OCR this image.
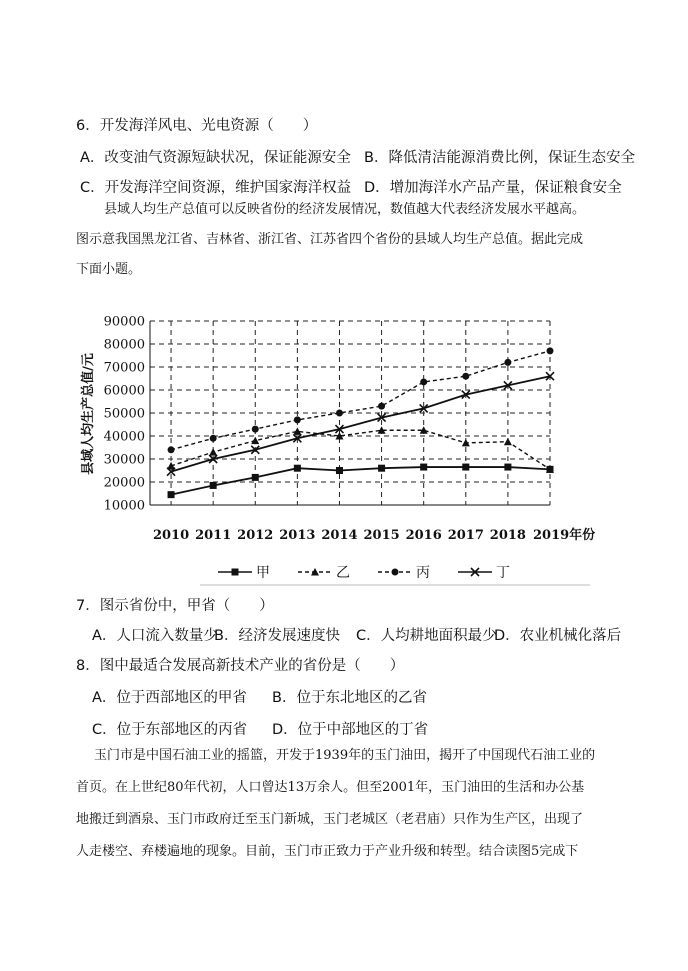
6．开发海洋风电、光电资源（　　）
A．改变油气资源短缺状况，保证能源安全 B．降低清洁能源消费比例，保证生态安全
C．开发海洋空间资源，维护国家海洋权益 D．增加海洋水产品产量，保证粮食安全
县域人均生产总值可以反映省份的经济发展情况，数值越大代表经济发展水平越高。
图示意我国黑龙江省、吉林省、浙江省、江苏省四个省份的县域人均生产总值。据此完成
下面小题。
县域人均生产总值/元
10000
20000
30000
40000
50000
60000
70000
80000
90000
2010 2011 2012 2013 2014 2015 2016 2017 2018 2019年份
甲	乙	丙	丁
7．图示省份中，甲省（　　）
A．人口流入数量少
B．经济发展速度快 C．人均耕地面积最少
D．农业机械化落后
8．图中最适合发展高新技术产业的省份是（　　）
A．位于西部地区的甲省 B．位于东北地区的乙省
C．位于东部地区的丙省 D．位于中部地区的丁省
玉门市是中国石油工业的摇篮，开发于1939年的玉门油田，揭开了中国现代石油工业的
首页。在上世纪80年代初，人口曾达13万余人。但至2001年，玉门油田的生活和办公基
地搬迁到酒泉、玉门市政府迁至玉门新城，玉门老城区（老君庙）只作为生产区，出现了
人走楼空、弃楼遍地的现象。目前，玉门市正致力于产业升级和转型。结合读图5完成下
